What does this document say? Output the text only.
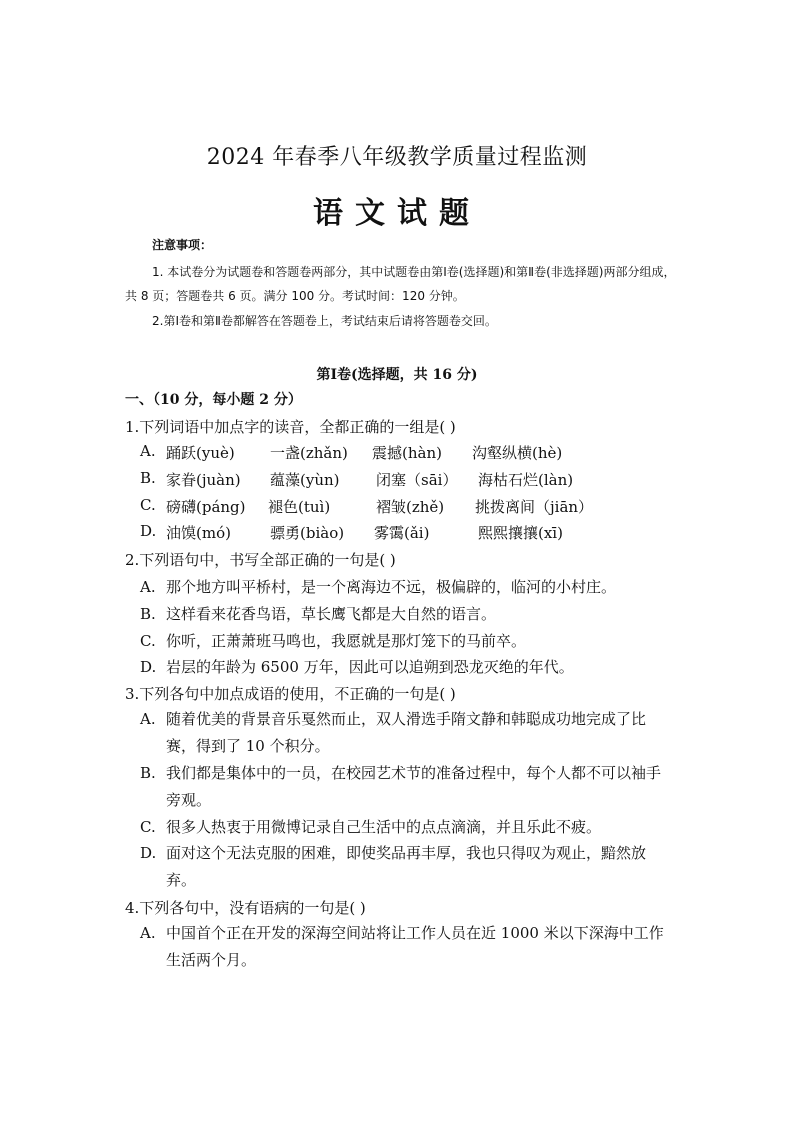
2024 年春季八年级教学质量过程监测
语文试题
注意事项：
1. 本试卷分为试题卷和答题卷两部分，其中试题卷由第Ⅰ卷(选择题)和第Ⅱ卷(非选择题)两部分组成，共 8 页；答题卷共 6 页。满分 100 分。考试时间：120 分钟。
2.第Ⅰ卷和第Ⅱ卷都解答在答题卷上，考试结束后请将答题卷交回。
第Ⅰ卷(选择题，共 16 分)
一、（10 分，每小题 2 分）
1.下列词语中加点字的读音，全都正确的一组是( )
A. 踊跃(yuè) 一盏(zhǎn) 震撼(hàn) 沟壑纵横(hè)
B. 家眷(juàn) 蕴藻(yùn) 闭塞（sāi） 海枯石烂(làn)
C. 磅礴(páng) 褪色(tuì)	褶皱(zhě) 挑拨离间（jiān）
D. 油馍(mó)	骠勇(biào) 雾霭(ǎi)	熙熙攘攘(xī)
2.下列语句中，书写全部正确的一句是( )
A. 那个地方叫平桥村，是一个离海边不远，极偏辟的，临河的小村庄。
B. 这样看来花香鸟语，草长鹰飞都是大自然的语言。
C. 你听，正萧萧班马鸣也，我愿就是那灯笼下的马前卒。
D. 岩层的年龄为 6500 万年，因此可以追朔到恐龙灭绝的年代。
3.下列各句中加点成语的使用，不正确的一句是( )
A. 随着优美的背景音乐戛然而止，双人滑选手隋文静和韩聪成功地完成了比赛，得到了 10 个积分。
B. 我们都是集体中的一员，在校园艺术节的准备过程中，每个人都不可以袖手旁观。
C. 很多人热衷于用微博记录自己生活中的点点滴滴，并且乐此不疲。
D. 面对这个无法克服的困难，即使奖品再丰厚，我也只得叹为观止，黯然放弃。
4.下列各句中，没有语病的一句是( )
A. 中国首个正在开发的深海空间站将让工作人员在近 1000 米以下深海中工作生活两个月。
